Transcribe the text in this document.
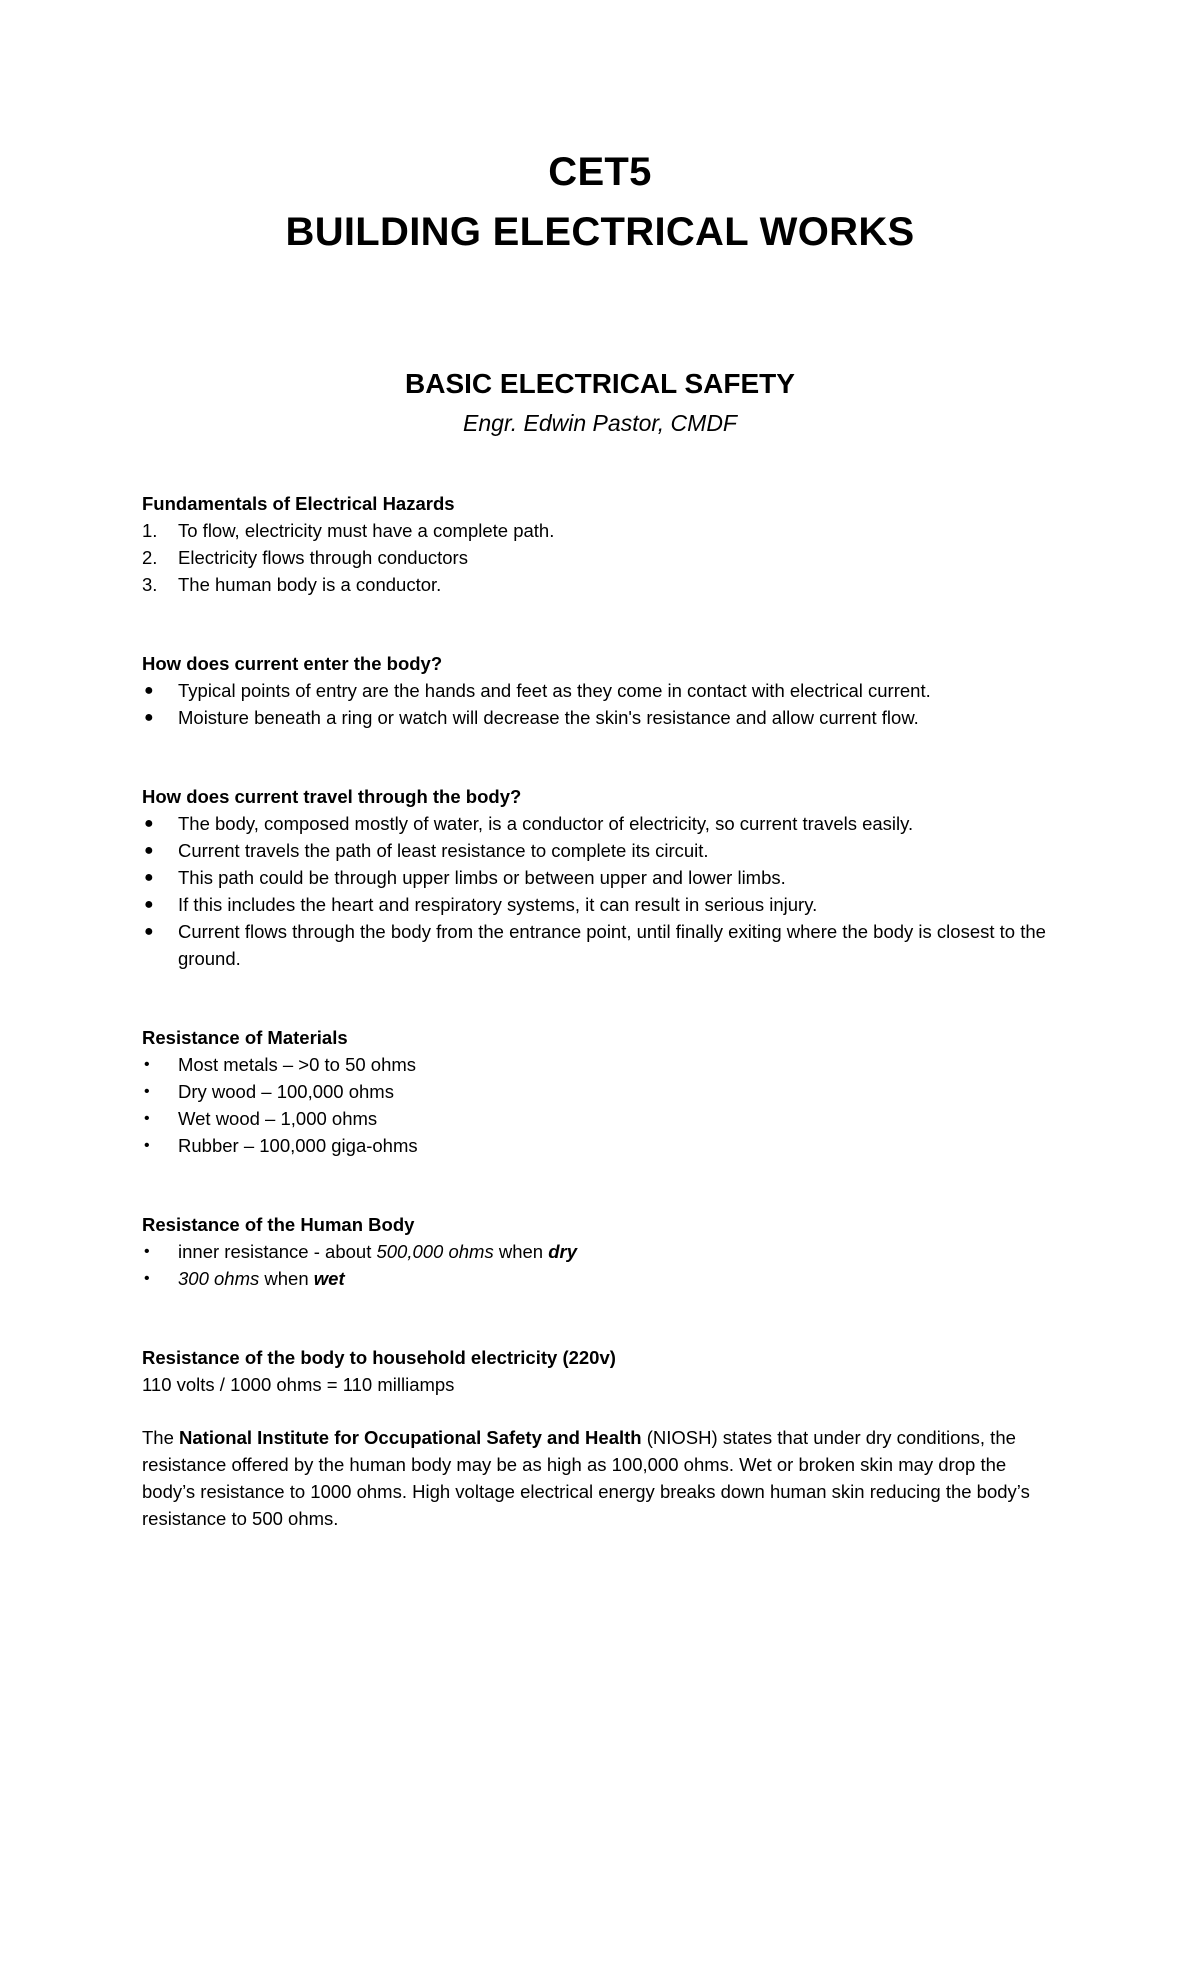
CET5
BUILDING ELECTRICAL WORKS
BASIC ELECTRICAL SAFETY
Engr. Edwin Pastor, CMDF

Fundamentals of Electrical Hazards

1. To flow, electricity must have a complete path.
2. Electricity flows through conductors
3. The human body is a conductor.

How does current enter the body?

● Typical points of entry are the hands and feet as they come in contact with electrical current.
● Moisture beneath a ring or watch will decrease the skin's resistance and allow current flow.

How does current travel through the body?

● The body, composed mostly of water, is a conductor of electricity, so current travels easily.
● Current travels the path of least resistance to complete its circuit.
● This path could be through upper limbs or between upper and lower limbs.
● If this includes the heart and respiratory systems, it can result in serious injury.
● Current flows through the body from the entrance point, until finally exiting where the body is closest to the ground.

Resistance of Materials

• Most metals – >0 to 50 ohms
• Dry wood – 100,000 ohms
• Wet wood – 1,000 ohms
• Rubber – 100,000 giga-ohms

Resistance of the Human Body

• inner resistance - about 500,000 ohms when dry
• 300 ohms when wet

Resistance of the body to household electricity (220v)

110 volts / 1000 ohms = 110 milliamps

The National Institute for Occupational Safety and Health (NIOSH) states that under dry conditions, the resistance offered by the human body may be as high as 100,000 ohms. Wet or broken skin may drop the body’s resistance to 1000 ohms. High voltage electrical energy breaks down human skin reducing the body’s resistance to 500 ohms.
